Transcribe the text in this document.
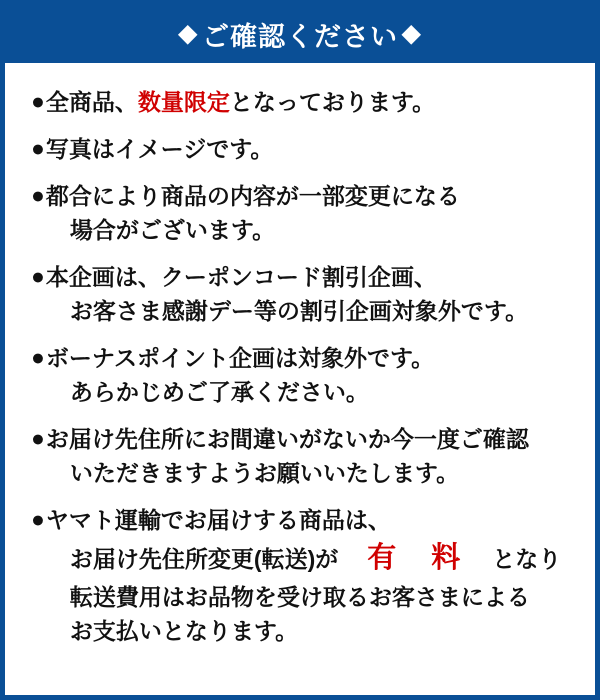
◆ ご確認ください ◆
● 全商品、数量限定となっております。
● 写真はイメージです。
● 都合により商品の内容が一部変更になる
場合がございます。
● 本企画は、クーポンコード割引企画、
お客さま感謝デー等の割引企画対象外です。
● ボーナスポイント企画は対象外です。
あらかじめご了承ください。
● お届け先住所にお間違いがないか今一度ご確認
いただきますようお願いいたします。
● ヤマト運輸でお届けする商品は、
お届け先住所変更(転送)が　有　料　となり
転送費用はお品物を受け取るお客さまによる
お支払いとなります。
